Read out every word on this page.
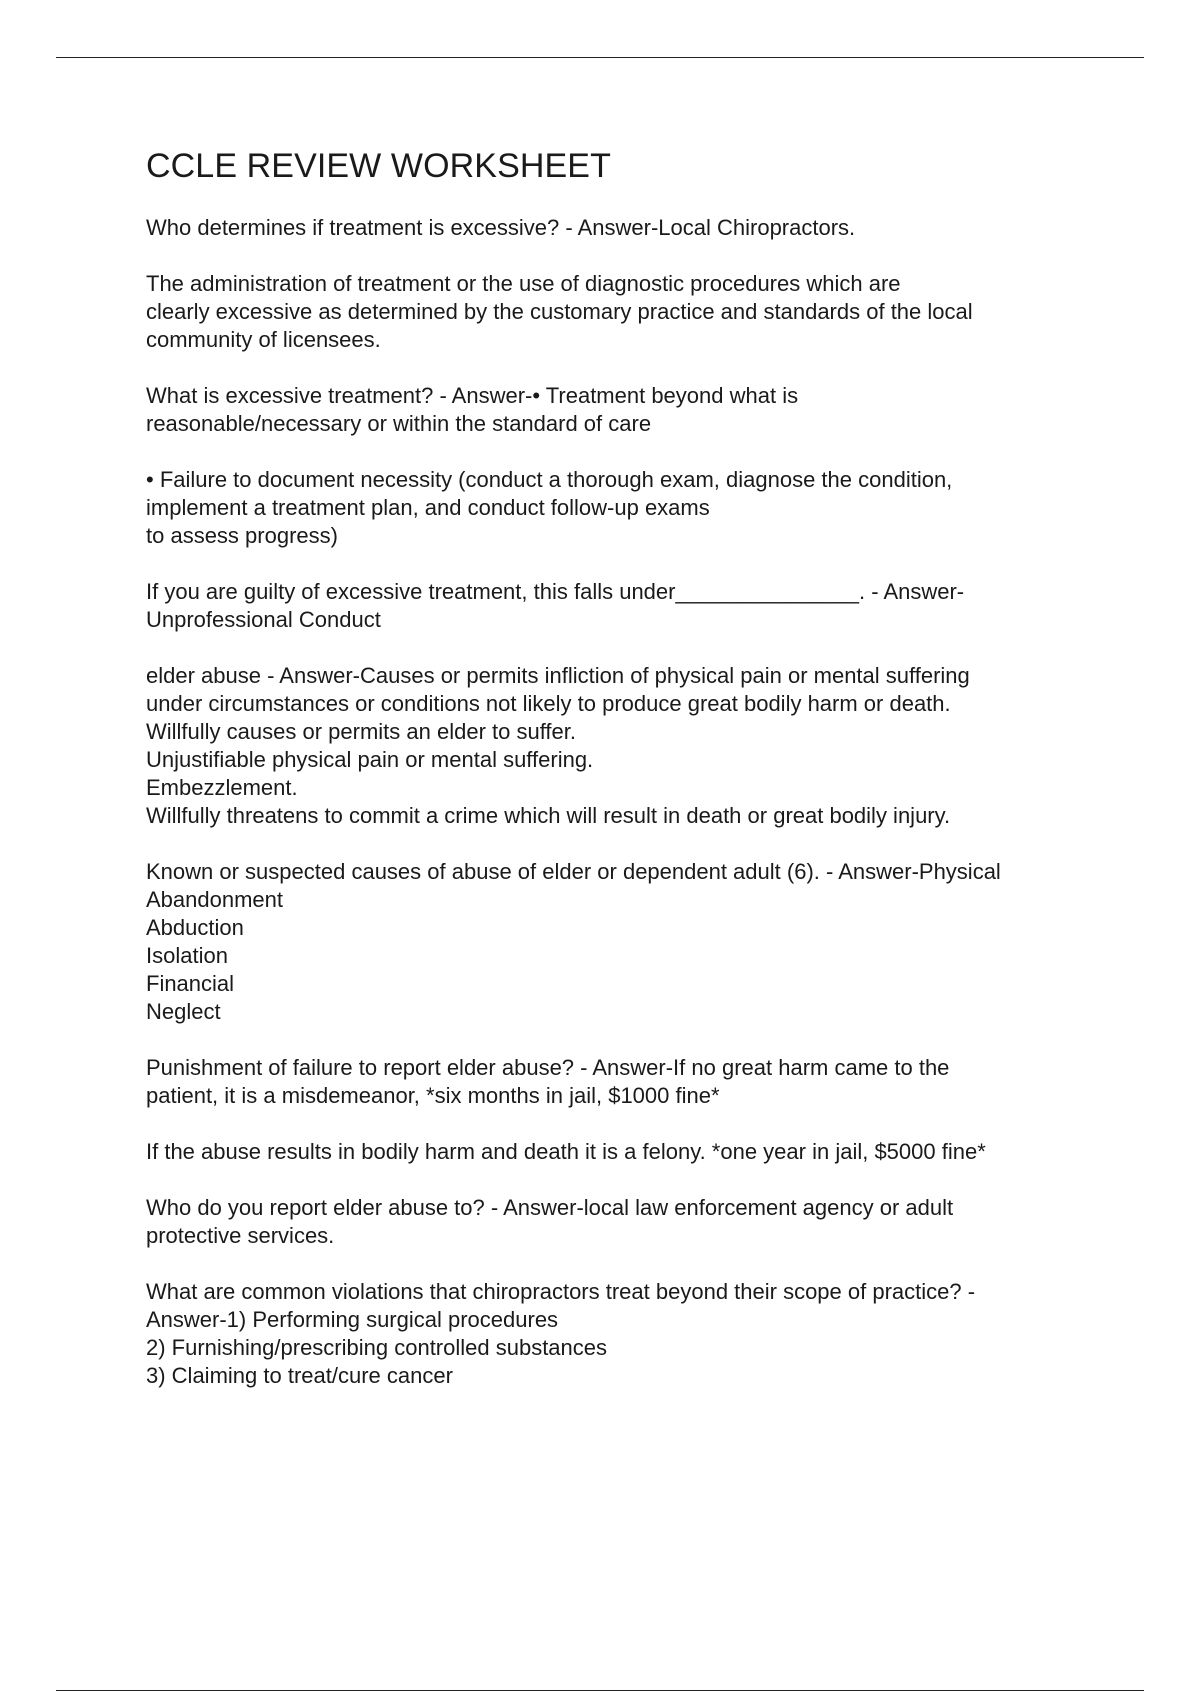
CCLE REVIEW WORKSHEET

Who determines if treatment is excessive? - Answer-Local Chiropractors.

The administration of treatment or the use of diagnostic procedures which are
clearly excessive as determined by the customary practice and standards of the local
community of licensees.

What is excessive treatment? - Answer-• Treatment beyond what is
reasonable/necessary or within the standard of care

• Failure to document necessity (conduct a thorough exam, diagnose the condition,
implement a treatment plan, and conduct follow-up exams
to assess progress)

If you are guilty of excessive treatment, this falls under_______________. - Answer-
Unprofessional Conduct

elder abuse - Answer-Causes or permits infliction of physical pain or mental suffering
under circumstances or conditions not likely to produce great bodily harm or death.
Willfully causes or permits an elder to suffer.
Unjustifiable physical pain or mental suffering.
Embezzlement.
Willfully threatens to commit a crime which will result in death or great bodily injury.

Known or suspected causes of abuse of elder or dependent adult (6). - Answer-Physical
Abandonment
Abduction
Isolation
Financial
Neglect

Punishment of failure to report elder abuse? - Answer-If no great harm came to the
patient, it is a misdemeanor, *six months in jail, $1000 fine*

If the abuse results in bodily harm and death it is a felony. *one year in jail, $5000 fine*

Who do you report elder abuse to? - Answer-local law enforcement agency or adult
protective services.

What are common violations that chiropractors treat beyond their scope of practice? -
Answer-1) Performing surgical procedures
2) Furnishing/prescribing controlled substances
3) Claiming to treat/cure cancer
